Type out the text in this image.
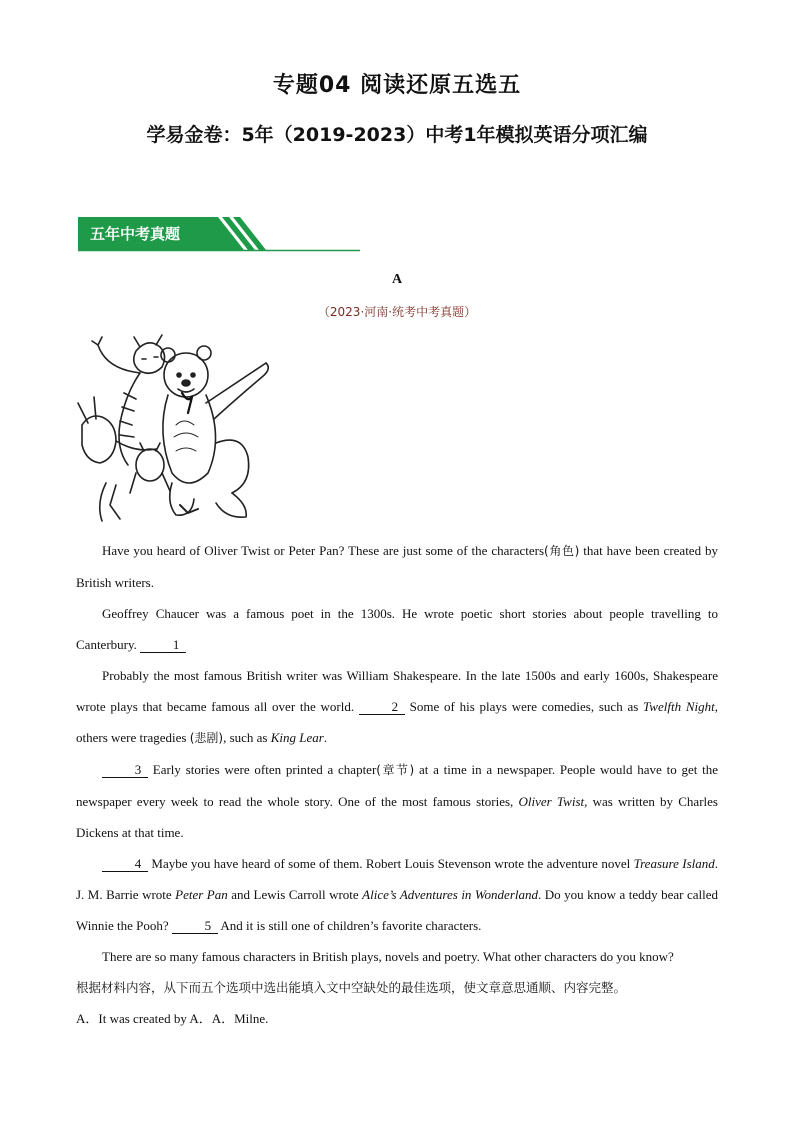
专题04 阅读还原五选五
学易金卷：5年（2019-2023）中考1年模拟英语分项汇编
五年中考真题
A
（2023·河南·统考中考真题）

Have you heard of Oliver Twist or Peter Pan? These are just some of the characters(角色) that have been created by British writers.

Geoffrey Chaucer was a famous poet in the 1300s. He wrote poetic short stories about people travelling to Canterbury.	1

Probably the most famous British writer was William Shakespeare. In the late 1500s and early 1600s, Shakespeare wrote plays that became famous all over the world.	2 Some of his plays were comedies, such as Twelfth Night, others were tragedies (悲剧), such as King Lear.

3 Early stories were often printed a chapter(章节) at a time in a newspaper. People would have to get the newspaper every week to read the whole story. One of the most famous stories, Oliver Twist, was written by Charles Dickens at that time.

4 Maybe you have heard of some of them. Robert Louis Stevenson wrote the adventure novel Treasure Island. J. M. Barrie wrote Peter Pan and Lewis Carroll wrote Alice’s Adventures in Wonderland. Do you know a teddy bear called Winnie the Pooh?	5 And it is still one of children’s favorite characters.

There are so many famous characters in British plays, novels and poetry. What other characters do you know?

根据材料内容，从下而五个选项中选出能填入文中空缺处的最佳选项，使文章意思通顺、内容完整。

A．It was created by A．A．Milne.
